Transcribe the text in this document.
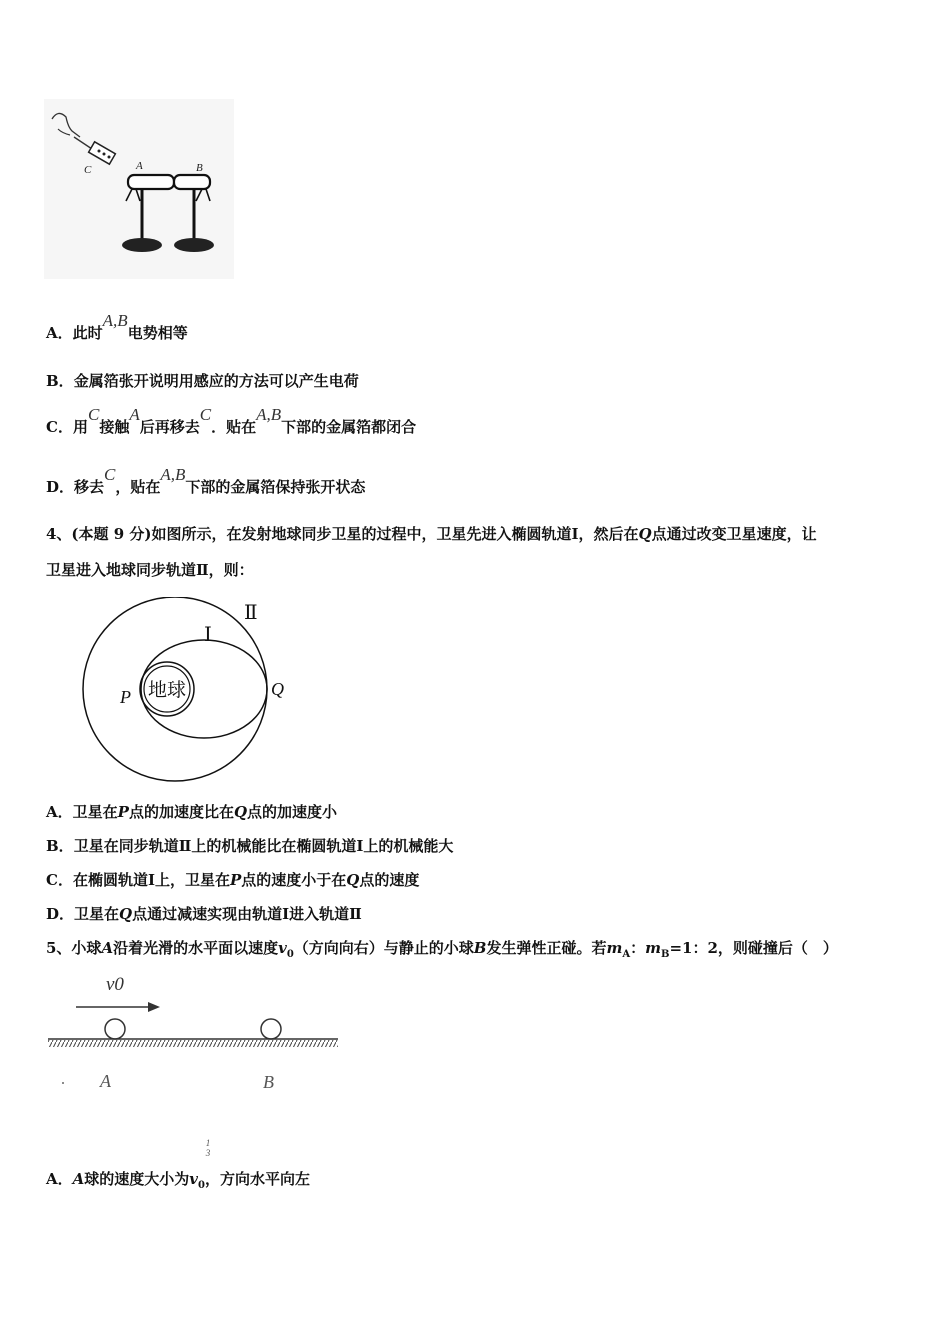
C	A	B
A．此时A,B电势相等
B．金属箔张开说明用感应的方法可以产生电荷
C．用C接触A后再移去C．贴在A,B下部的金属箔都闭合
D．移去C，贴在A,B下部的金属箔保持张开状态
4、(本题 9 分)如图所示，在发射地球同步卫星的过程中，卫星先进入椭圆轨道Ⅰ，然后在Q点通过改变卫星速度，让
卫星进入地球同步轨道Ⅱ，则：
地球
Ⅰ
Ⅱ
P	Q
A．卫星在P点的加速度比在Q点的加速度小
B．卫星在同步轨道Ⅱ上的机械能比在椭圆轨道Ⅰ上的机械能大
C．在椭圆轨道Ⅰ上，卫星在P点的速度小于在Q点的速度
D．卫星在Q点通过减速实现由轨道Ⅰ进入轨道Ⅱ
5、小球A沿着光滑的水平面以速度$v_0$（方向向右）与静止的小球B发生弹性正碰。若$m_A$：$m_B=1$：2，则碰撞后（　）
v0
A	B
1
3
A．A球的速度大小为$v_0$，方向水平向左
